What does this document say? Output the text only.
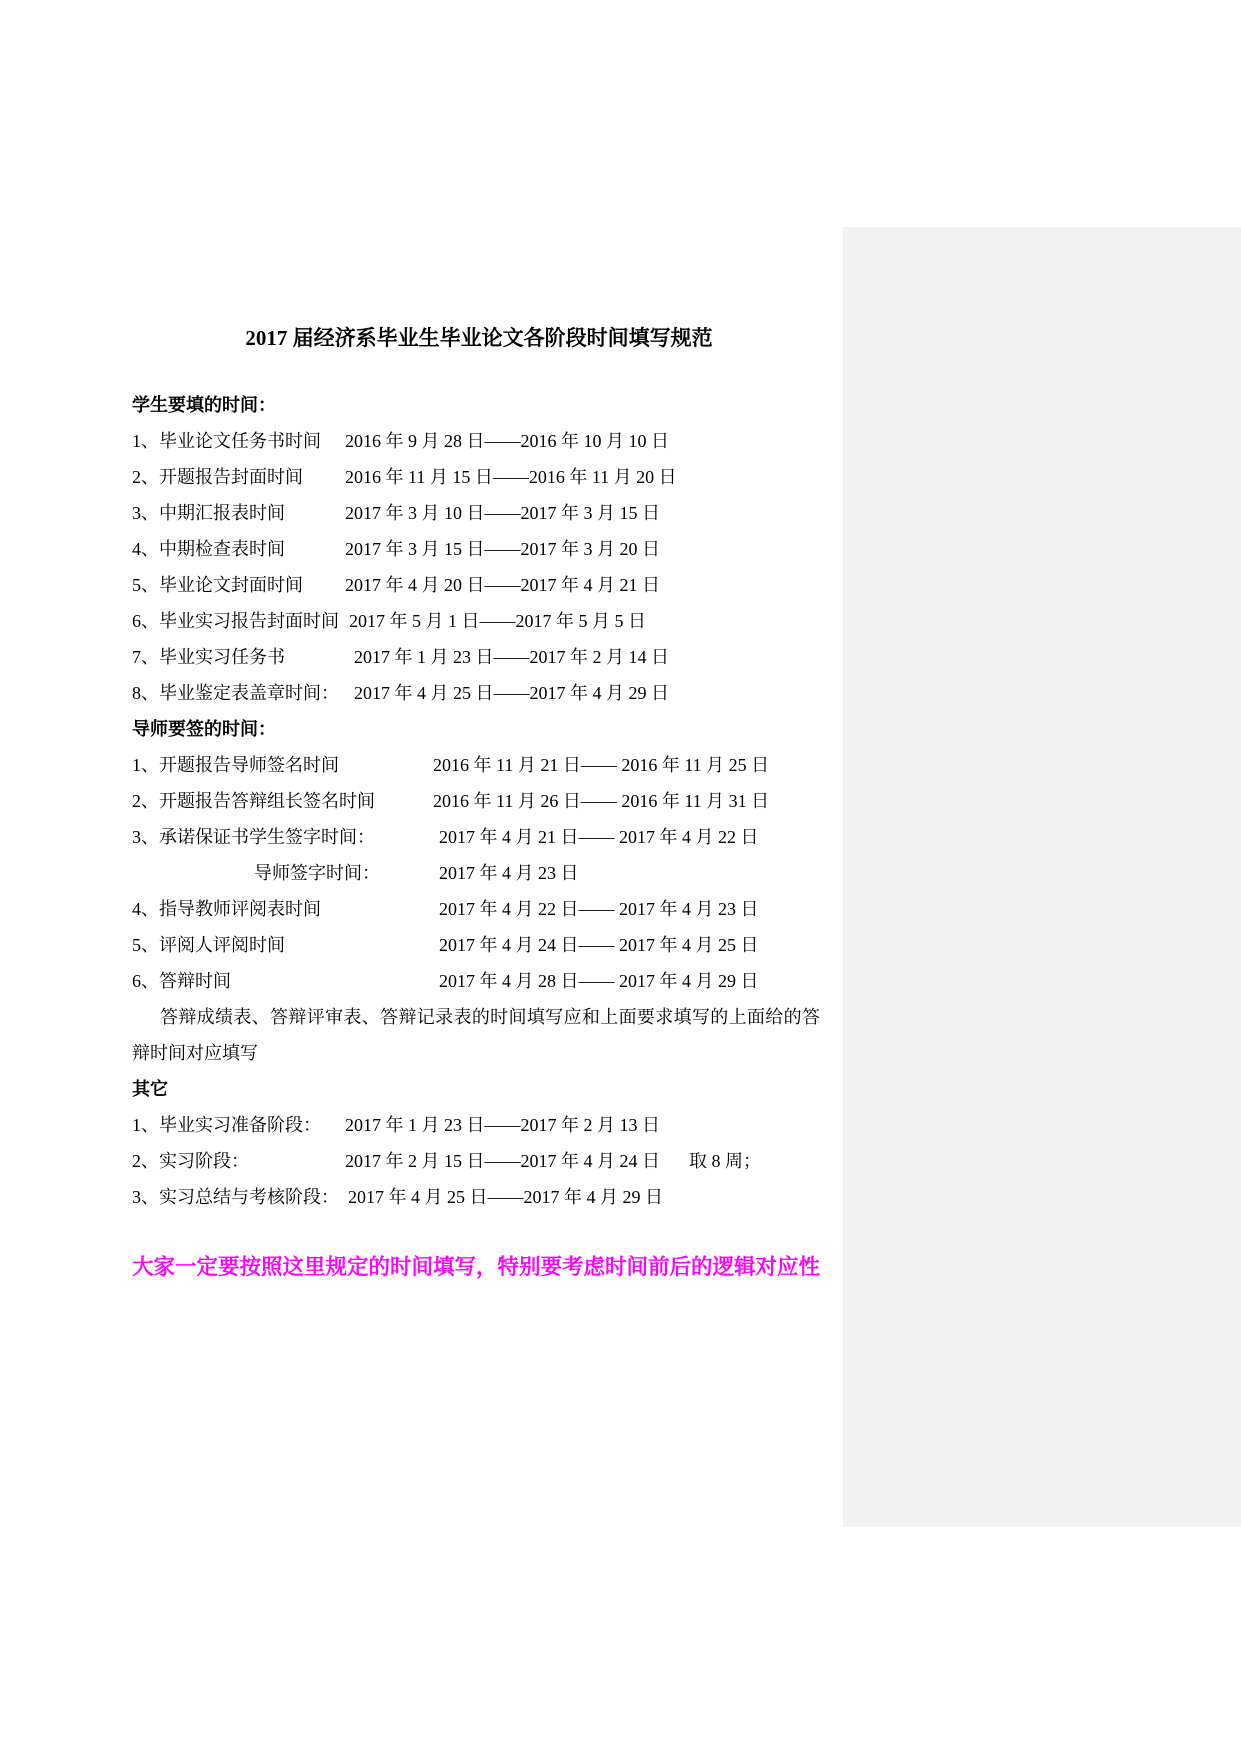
2017 届经济系毕业生毕业论文各阶段时间填写规范
学生要填的时间：
1、毕业论文任务书时间 2016 年 9 月 28 日——2016 年 10 月 10 日
2、开题报告封面时间 2016 年 11 月 15 日——2016 年 11 月 20 日
3、中期汇报表时间	2017 年 3 月 10 日——2017 年 3 月 15 日
4、中期检查表时间	2017 年 3 月 15 日——2017 年 3 月 20 日
5、毕业论文封面时间 2017 年 4 月 20 日——2017 年 4 月 21 日
6、毕业实习报告封面时间 2017 年 5 月 1 日——2017 年 5 月 5 日
7、毕业实习任务书	2017 年 1 月 23 日——2017 年 2 月 14 日
8、毕业鉴定表盖章时间： 2017 年 4 月 25 日——2017 年 4 月 29 日
导师要签的时间：
1、开题报告导师签名时间	2016 年 11 月 21 日—— 2016 年 11 月 25 日
2、开题报告答辩组长签名时间	2016 年 11 月 26 日—— 2016 年 11 月 31 日
3、承诺保证书学生签字时间：	2017 年 4 月 21 日—— 2017 年 4 月 22 日
导师签字时间：	2017 年 4 月 23 日
4、指导教师评阅表时间	2017 年 4 月 22 日—— 2017 年 4 月 23 日
5、评阅人评阅时间	2017 年 4 月 24 日—— 2017 年 4 月 25 日
6、答辩时间	2017 年 4 月 28 日—— 2017 年 4 月 29 日
答辩成绩表、答辩评审表、答辩记录表的时间填写应和上面要求填写的上面给的答辩时间对应填写
其它
1、毕业实习准备阶段： 2017 年 1 月 23 日——2017 年 2 月 13 日
2、实习阶段：	2017 年 2 月 15 日——2017 年 4 月 24 日 取 8 周；
3、实习总结与考核阶段： 2017 年 4 月 25 日——2017 年 4 月 29 日
大家一定要按照这里规定的时间填写，特别要考虑时间前后的逻辑对应性
